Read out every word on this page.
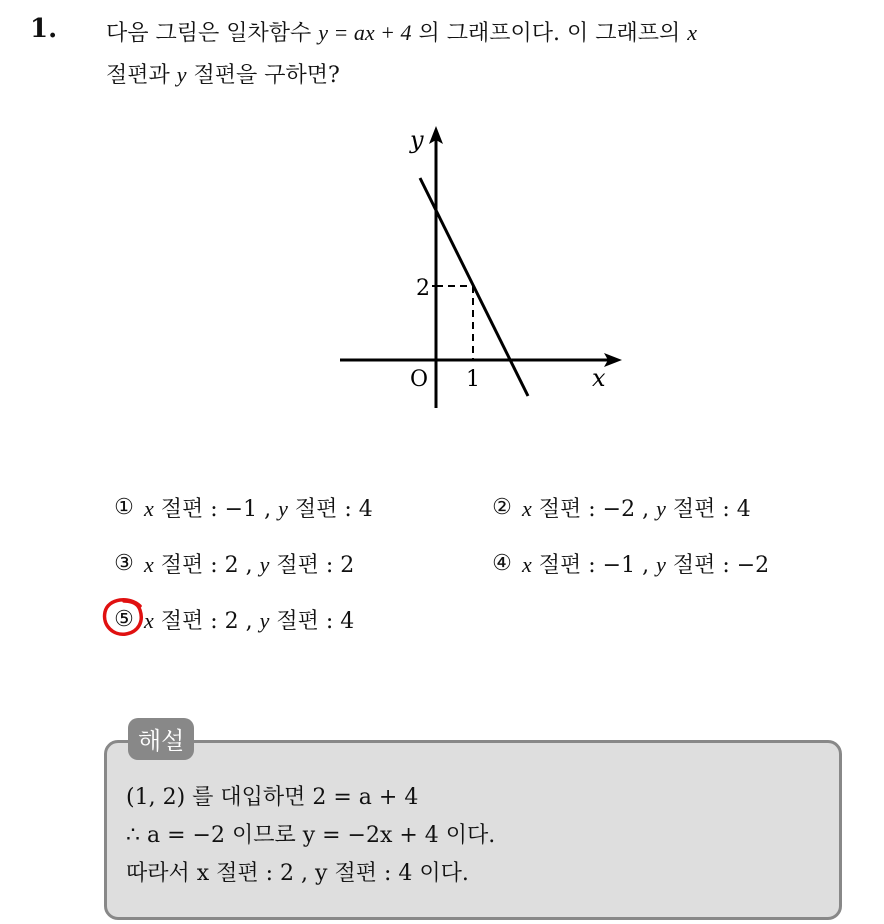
1. 다음 그림은 일차함수 y = ax + 4 의 그래프이다. 이 그래프의 x
절편과 y 절편을 구하면?
y
x
O 1
2
① x 절편 : −1 , y 절편 : 4	② x 절편 : −2 , y 절편 : 4
③ x 절편 : 2 , y 절편 : 2	④ x 절편 : −1 , y 절편 : −2
⑤ x 절편 : 2 , y 절편 : 4
해설
(1, 2) 를 대입하면 2 = a + 4
∴ a = −2 이므로 y = −2x + 4 이다.
따라서 x 절편 : 2 , y 절편 : 4 이다.
